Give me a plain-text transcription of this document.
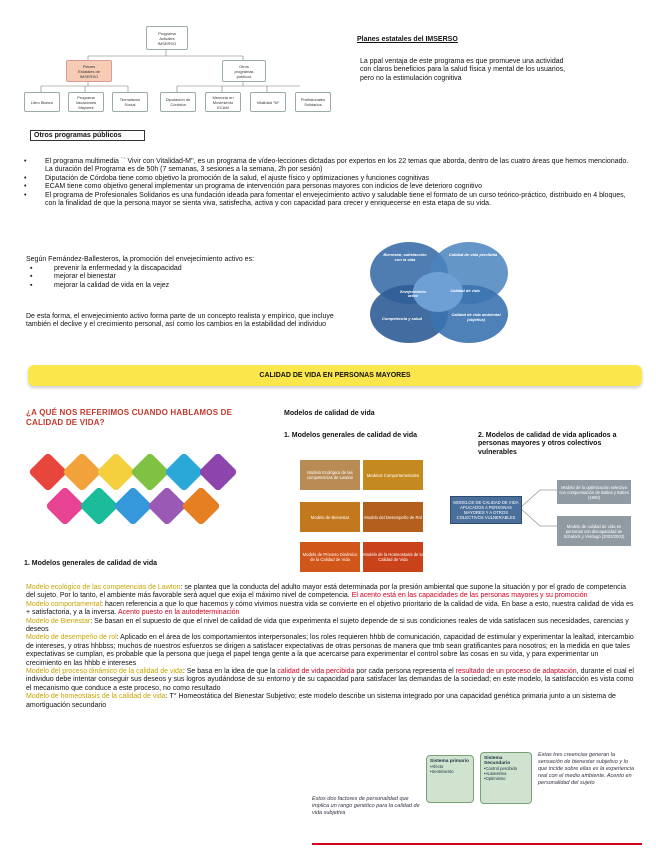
Programa
Actuales
IMSERSO
Planes
Estatales de
IMSERSO
Otros
programas
públicos
Libro Blanco
Programa
Vacaciones
Mayores
Termalismo
Social
Diputación de
Córdoba
Memoria en
Movimiento
ECAM
Vitalidad "M"	Profesionales
Solidarios
Planes estatales del IMSERSO
La ppal ventaja de este programa es que promueve una actividad con claros beneficios para la salud física y mental de los usuarios, pero no la estimulación cognitiva
Otros programas públicos
•	El programa multimedia `` Vivir con Vitalidad-M'', es un programa de vídeo-lecciones dictadas por expertos en los 22 temas que aborda, dentro de las cuatro áreas que hemos mencionado. La duración del Programa es de 50h (7 semanas, 3 sesiones a la semana, 2h por sesión)
•	Diputación de Córdoba tiene como objetivo la promoción de la salud, el ajuste físico y optimizaciones y funciones cognitivas
•	ECAM tiene como objetivo general implementar un programa de intervención para personas mayores con indicios de leve deterioro cognitivo
•	El programa de Profesionales Solidarios es una fundación ideada para fomentar el envejecimiento activo y saludable tiene el formato de un curso teórico-práctico, distribuido en 4 bloques, con la finalidad de que la persona mayor se sienta viva, satisfecha, activa y con capacidad para crecer y enriquecerse en esta etapa de su vida.
Según Fernández-Ballesteros, la promoción del envejecimiento activo es:
▪	prevenir la enfermedad y la discapacidad
▪	mejorar el bienestar
▪	mejorar la calidad de vida en la vejez
De esta forma, el envejecimiento activo forma parte de un concepto realista y empírico, que incluye también el declive y el crecimiento personal, así como los cambios en la estabilidad del individuo
Bienestar, satisfacción con la vida
Calidad de vida percibida
Calidad de vida
Competencia y salud
Calidad de vida ambiental (objetiva)
Envejecimiento activo
CALIDAD DE VIDA EN PERSONAS MAYORES
¿A QUÉ NOS REFERIMOS CUANDO HABLAMOS DE CALIDAD DE VIDA?
Modelos de calidad de vida
1. Modelos generales de calidad de vida	2. Modelos de calidad de vida aplicados a personas mayores y otros colectivos vulnerables
Modelo Ecológico de las competencias de Lawton	Modelos Comportamentales
Modelo de Bienestar	Modelo del Desempeño de Rol
Modelo de Proceso Dinámico de la Calidad de Vida
Modelo de la Homeostasis de la Calidad de Vida
MODELOS DE CALIDAD DE VIDA APLICADOS A PERSONAS MAYORES Y A OTROS COLECTIVOS VULNERABLES
Modelo de la optimización selectiva con compensación de Baltes y Baltes (1990)
Modelo de calidad de vida en personas con discapacidad de Schalock y Verdugo (2002/2003)
1. Modelos generales de calidad de vida
Modelo ecológico de las competencias de Lawton: se plantea que la conducta del adulto mayor está determinada por la presión ambiental que supone la situación y por el grado de competencia del sujeto. Por lo tanto, el ambiente más favorable será aquel que exija el máximo nivel de competencia. El acento está en las capacidades de las personas mayores y su promoción
Modelo comportamental: hacen referencia a que lo que hacemos y cómo vivimos nuestra vida se convierte en el objetivo prioritario de la calidad de vida. En base a esto, nuestra calidad de vida es + satisfactoria, y a la inversa. Acento puesto en la autodeterminación
Modelo de Bienestar: Se basan en el supuesto de que el nivel de calidad de vida que experimenta el sujeto depende de si sus condiciones reales de vida satisfacen sus necesidades, carencias y deseos
Modelo de desempeño de rol: Aplicado en el área de los comportamientos interpersonales; los roles requieren hhbb de comunicación, capacidad de estimular y experimentar la lealtad, intercambio de intereses, y otras hhbbss; muchos de nuestros esfuerzos se dirigen a satisfacer expectativas de otras personas de manera que tmb sean gratificantes para nosotros; en la medida en que tales expectativas se cumplan, es probable que la persona que juega el papel tenga gente a la que acercarse para experimentar el control sobre las cosas en su vida, y para experimentar un crecimiento en las hhbb e intereses
Modelo del proceso dinámico de la calidad de vida: Se basa en la idea de que la calidad de vida percibida por cada persona representa el resultado de un proceso de adaptación, durante el cual el individuo debe intentar conseguir sus deseos y sus logros ayudándose de su entorno y de su capacidad para satisfacer las demandas de la sociedad; en este modelo, la satisfacción es vista como el mecanismo que conduce a este proceso, no como resultado
Modelo de homeostasis de la calidad de vida: T° Homeostática del Bienestar Subjetivo; este modelo describe un sistema integrado por una capacidad genética primaria junto a un sistema de amortiguación secundario
Estos dos factores de personalidad que implica un rango genético para la calidad de vida subjetiva
Sistema primario
•Afecto
•Sentimiento
Sistema Secundario
•Control percibido
•Autoestima
•Optimismo
Estas tres creencias generan la sensación de bienestar subjetivo y lo que incide sobre ellas es la experiencia real con el medio ambiente. Acento en personalidad del sujeto
